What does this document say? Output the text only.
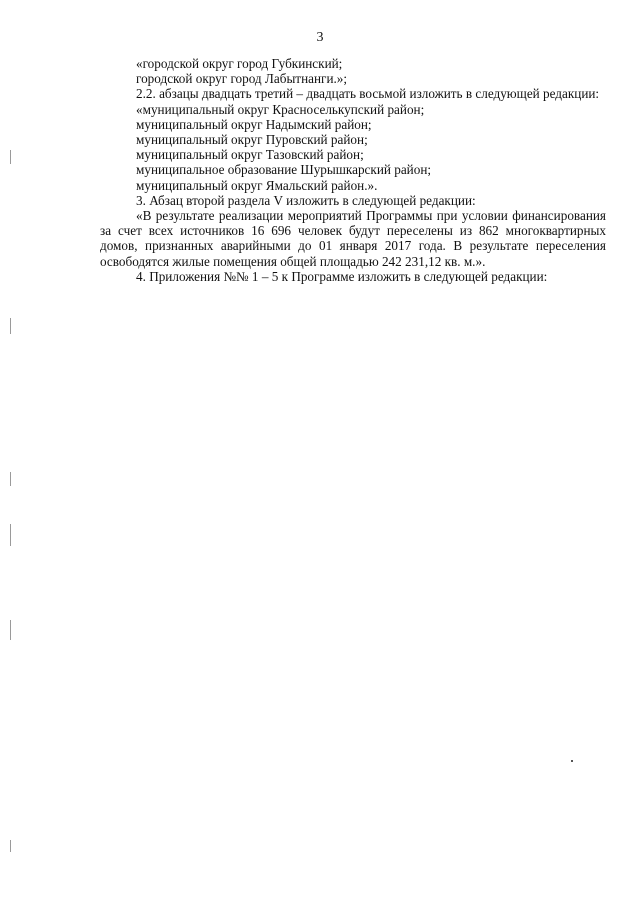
3

«городской округ город Губкинский;

городской округ город Лабытнанги.»;

2.2. абзацы двадцать третий – двадцать восьмой изложить в следующей редакции:

«муниципальный округ Красноселькупский район;

муниципальный округ Надымский район;

муниципальный округ Пуровский район;

муниципальный округ Тазовский район;

муниципальное образование Шурышкарский район;

муниципальный округ Ямальский район.».

3. Абзац второй раздела V изложить в следующей редакции:

«В результате реализации мероприятий Программы при условии финансирования за счет всех источников 16 696 человек будут переселены из 862 многоквартирных домов, признанных аварийными до 01 января 2017 года. В результате переселения освободятся жилые помещения общей площадью 242 231,12 кв. м.».

4. Приложения №№ 1 – 5 к Программе изложить в следующей редакции:
